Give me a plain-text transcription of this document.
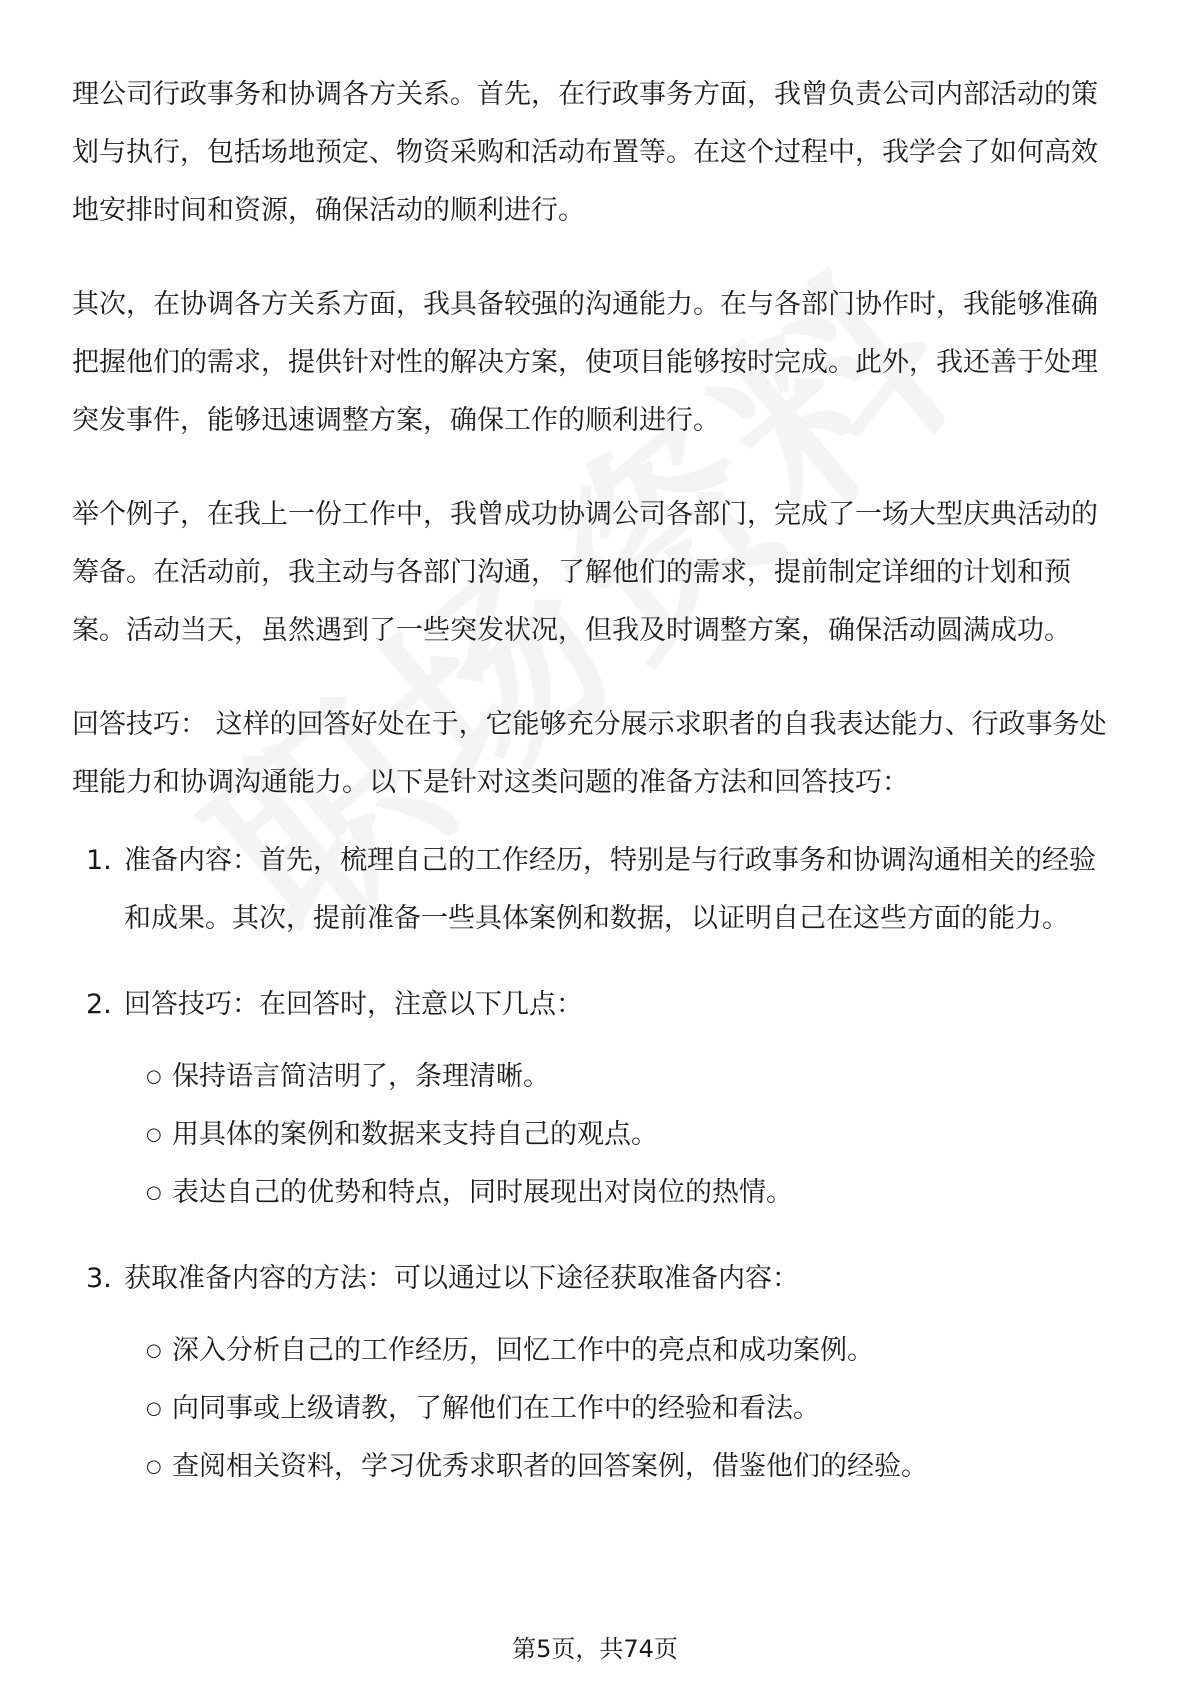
理公司行政事务和协调各方关系。首先，在行政事务方面，我曾负责公司内部活动的策划与执行，包括场地预定、物资采购和活动布置等。在这个过程中，我学会了如何高效地安排时间和资源，确保活动的顺利进行。

其次，在协调各方关系方面，我具备较强的沟通能力。在与各部门协作时，我能够准确把握他们的需求，提供针对性的解决方案，使项目能够按时完成。此外，我还善于处理突发事件，能够迅速调整方案，确保工作的顺利进行。

举个例子，在我上一份工作中，我曾成功协调公司各部门，完成了一场大型庆典活动的筹备。在活动前，我主动与各部门沟通，了解他们的需求，提前制定详细的计划和预案。活动当天，虽然遇到了一些突发状况，但我及时调整方案，确保活动圆满成功。

回答技巧： 这样的回答好处在于，它能够充分展示求职者的自我表达能力、行政事务处理能力和协调沟通能力。以下是针对这类问题的准备方法和回答技巧：

1. 准备内容：首先，梳理自己的工作经历，特别是与行政事务和协调沟通相关的经验和成果。其次，提前准备一些具体案例和数据，以证明自己在这些方面的能力。
2. 回答技巧：在回答时，注意以下几点：
○ 保持语言简洁明了，条理清晰。
○ 用具体的案例和数据来支持自己的观点。
○ 表达自己的优势和特点，同时展现出对岗位的热情。
3. 获取准备内容的方法：可以通过以下途径获取准备内容：
○ 深入分析自己的工作经历，回忆工作中的亮点和成功案例。
○ 向同事或上级请教，了解他们在工作中的经验和看法。
○ 查阅相关资料，学习优秀求职者的回答案例，借鉴他们的经验。
第5页，共74页
